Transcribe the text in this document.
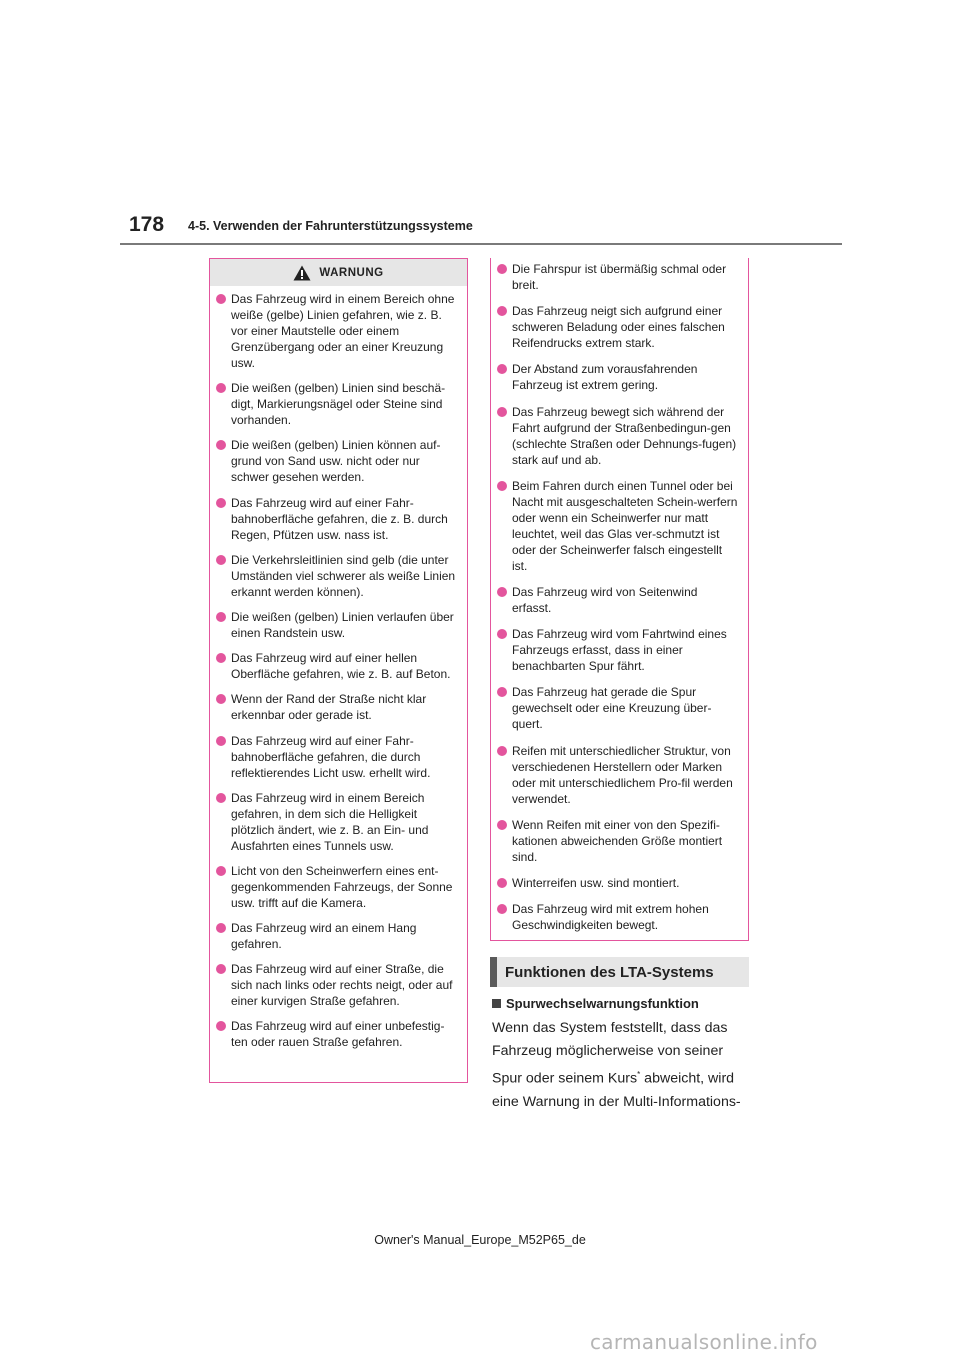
178 4-5. Verwenden der Fahrunterstützungssysteme
WARNUNG
Das Fahrzeug wird in einem Bereich ohne weiße (gelbe) Linien gefahren, wie z. B. vor einer Mautstelle oder einem Grenzübergang oder an einer Kreuzung usw.
Die weißen (gelben) Linien sind beschä-digt, Markierungsnägel oder Steine sind vorhanden.
Die weißen (gelben) Linien können auf-grund von Sand usw. nicht oder nur schwer gesehen werden.
Das Fahrzeug wird auf einer Fahr-bahnoberfläche gefahren, die z. B. durch Regen, Pfützen usw. nass ist.
Die Verkehrsleitlinien sind gelb (die unter Umständen viel schwerer als weiße Linien erkannt werden können).
Die weißen (gelben) Linien verlaufen über einen Randstein usw.
Das Fahrzeug wird auf einer hellen Oberfläche gefahren, wie z. B. auf Beton.
Wenn der Rand der Straße nicht klar erkennbar oder gerade ist.
Das Fahrzeug wird auf einer Fahr-bahnoberfläche gefahren, die durch reflektierendes Licht usw. erhellt wird.
Das Fahrzeug wird in einem Bereich gefahren, in dem sich die Helligkeit plötzlich ändert, wie z. B. an Ein- und Ausfahrten eines Tunnels usw.
Licht von den Scheinwerfern eines ent-gegenkommenden Fahrzeugs, der Sonne usw. trifft auf die Kamera.
Das Fahrzeug wird an einem Hang gefahren.
Das Fahrzeug wird auf einer Straße, die sich nach links oder rechts neigt, oder auf einer kurvigen Straße gefahren.
Das Fahrzeug wird auf einer unbefestig-ten oder rauen Straße gefahren.
Die Fahrspur ist übermäßig schmal oder breit.
Das Fahrzeug neigt sich aufgrund einer schweren Beladung oder eines falschen Reifendrucks extrem stark.
Der Abstand zum vorausfahrenden Fahrzeug ist extrem gering.
Das Fahrzeug bewegt sich während der Fahrt aufgrund der Straßenbedingun-gen (schlechte Straßen oder Dehnungs-fugen) stark auf und ab.
Beim Fahren durch einen Tunnel oder bei Nacht mit ausgeschalteten Schein-werfern oder wenn ein Scheinwerfer nur matt leuchtet, weil das Glas ver-schmutzt ist oder der Scheinwerfer falsch eingestellt ist.
Das Fahrzeug wird von Seitenwind erfasst.
Das Fahrzeug wird vom Fahrtwind eines Fahrzeugs erfasst, dass in einer benachbarten Spur fährt.
Das Fahrzeug hat gerade die Spur gewechselt oder eine Kreuzung über-quert.
Reifen mit unterschiedlicher Struktur, von verschiedenen Herstellern oder Marken oder mit unterschiedlichem Pro-fil werden verwendet.
Wenn Reifen mit einer von den Spezifi-kationen abweichenden Größe montiert sind.
Winterreifen usw. sind montiert.
Das Fahrzeug wird mit extrem hohen Geschwindigkeiten bewegt.
Funktionen des LTA-Systems
Spurwechselwarnungsfunktion

Wenn das System feststellt, dass das Fahrzeug möglicherweise von seiner Spur oder seinem Kurs* abweicht, wird eine Warnung in der Multi-Informations-

Owner's Manual_Europe_M52P65_de
carmanualsonline.info
